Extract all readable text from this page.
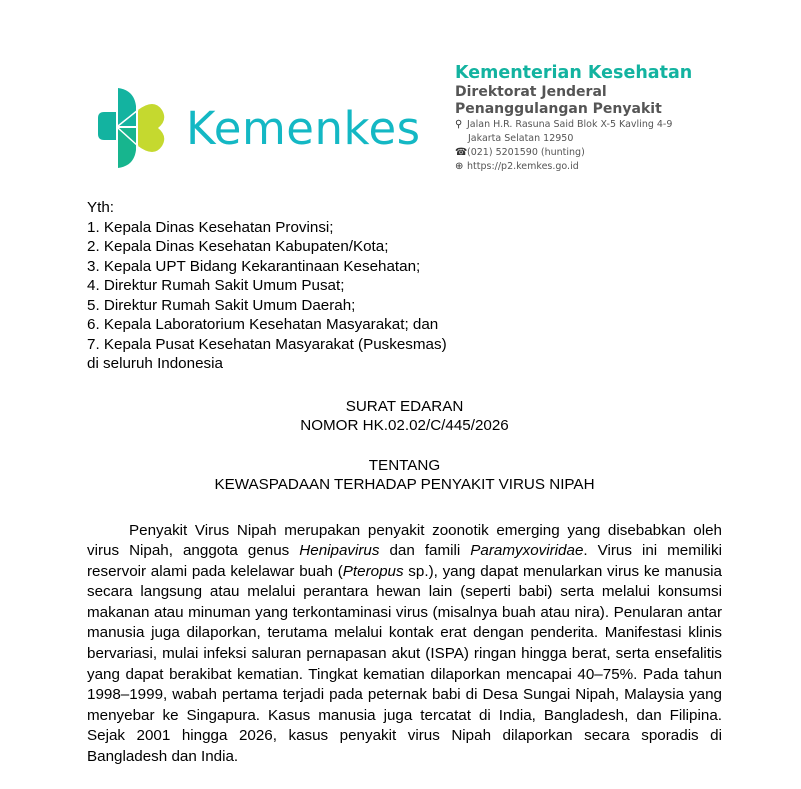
Kemenkes
Kementerian Kesehatan
Direktorat Jenderal
Penanggulangan Penyakit
⚲ Jalan H.R. Rasuna Said Blok X-5 Kavling 4-9
Jakarta Selatan 12950
☎ (021) 5201590 (hunting)
⊕ https://p2.kemkes.go.id
Yth:
1. Kepala Dinas Kesehatan Provinsi;
2. Kepala Dinas Kesehatan Kabupaten/Kota;
3. Kepala UPT Bidang Kekarantinaan Kesehatan;
4. Direktur Rumah Sakit Umum Pusat;
5. Direktur Rumah Sakit Umum Daerah;
6. Kepala Laboratorium Kesehatan Masyarakat; dan
7. Kepala Pusat Kesehatan Masyarakat (Puskesmas)
di seluruh Indonesia
SURAT EDARAN
NOMOR HK.02.02/C/445/2026
TENTANG
KEWASPADAAN TERHADAP PENYAKIT VIRUS NIPAH
Penyakit Virus Nipah merupakan penyakit zoonotik emerging yang disebabkan oleh virus Nipah, anggota genus Henipavirus dan famili Paramyxoviridae. Virus ini memiliki reservoir alami pada kelelawar buah (Pteropus sp.), yang dapat menularkan virus ke manusia secara langsung atau melalui perantara hewan lain (seperti babi) serta melalui konsumsi makanan atau minuman yang terkontaminasi virus (misalnya buah atau nira). Penularan antar manusia juga dilaporkan, terutama melalui kontak erat dengan penderita. Manifestasi klinis bervariasi, mulai infeksi saluran pernapasan akut (ISPA) ringan hingga berat, serta ensefalitis yang dapat berakibat kematian. Tingkat kematian dilaporkan mencapai 40–75%. Pada tahun 1998–1999, wabah pertama terjadi pada peternak babi di Desa Sungai Nipah, Malaysia yang menyebar ke Singapura. Kasus manusia juga tercatat di India, Bangladesh, dan Filipina. Sejak 2001 hingga 2026, kasus penyakit virus Nipah dilaporkan secara sporadis di Bangladesh dan India.
